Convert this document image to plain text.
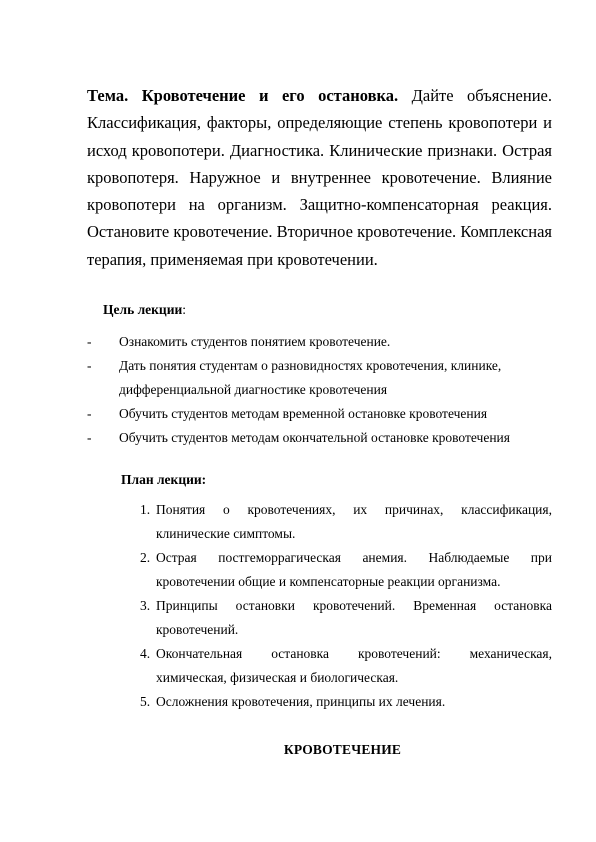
Тема. Кровотечение и его остановка. Дайте объяснение.
Классификация, факторы, определяющие степень кровопотери и
исход кровопотери. Диагностика. Клинические признаки. Острая
кровопотеря. Наружное и внутреннее кровотечение. Влияние
кровопотери на организм. Защитно-компенсаторная реакция.
Остановите кровотечение. Вторичное кровотечение. Комплексная
терапия, применяемая при кровотечении.
Цель лекции:
- Ознакомить студентов понятием кровотечение.
- Дать понятия студентам о разновидностях кровотечения, клинике,
дифференциальной диагностике кровотечения
- Обучить студентов методам временной остановке кровотечения
- Обучить студентов методам окончательной остановке кровотечения
План лекции:
1. Понятия о кровотечениях, их причинах, классификация,
клинические симптомы.
2. Острая постгеморрагическая анемия. Наблюдаемые при
кровотечении общие и компенсаторные реакции организма.
3. Принципы остановки кровотечений. Временная остановка
кровотечений.
4. Окончательная остановка кровотечений: механическая,
химическая, физическая и биологическая.
5. Осложнения кровотечения, принципы их лечения.
КРОВОТЕЧЕНИЕ
